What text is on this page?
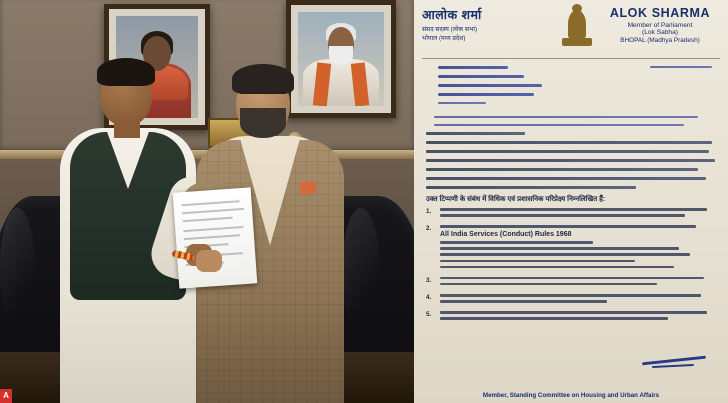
A
आलोक शर्मा
संसद सदस्य (लोक सभा)
भोपाल (मध्य प्रदेश)
ALOK SHARMA
Member of Parliament
(Lok Sabha)
BHOPAL (Madhya Pradesh)
उक्त टिप्पणी के संबंध में विधिक एवं प्रशासनिक परिप्रेक्ष्य निम्नलिखित हैं:
1.
2.
All India Services (Conduct) Rules 1968
3.
4.
5.
Member, Standing Committee on Housing and Urban Affairs
